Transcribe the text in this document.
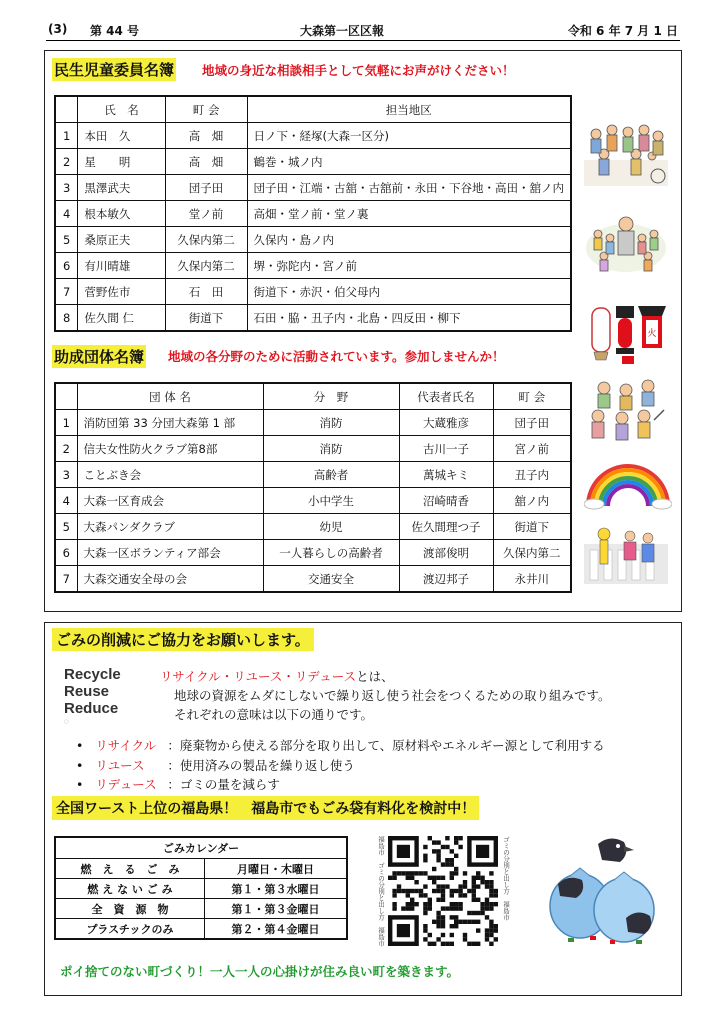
(3) 第 44 号	大森第一区区報	令和 6 年 7 月 1 日
民生児童委員名簿 地域の身近な相談相手として気軽にお声がけください！
	氏　名	町 会	担当地区
1	本田　久	高　畑	日ノ下・経塚(大森一区分)
2	星　　明	高　畑	鶴巻・城ノ内
3	黒澤武夫	団子田	団子田・江端・古舘・古舘前・永田・下谷地・高田・舘ノ内
4	根本敏久	堂ノ前	高畑・堂ノ前・堂ノ裏
5	桑原正夫	久保内第二	久保内・島ノ内
6	有川晴雄	久保内第二	堺・弥陀内・宮ノ前
7	菅野佐市	石　田	街道下・赤沢・伯父母内
8	佐久間 仁	街道下	石田・脇・丑子内・北島・四反田・柳下
助成団体名簿 地域の各分野のために活動されています。参加しませんか！
	団 体 名	分　野	代表者氏名	町 会
1	消防団第 33 分団大森第 1 部	消防	大蔵雅彦	団子田
2	信夫女性防火クラブ第8部	消防	古川一子	宮ノ前
3	ことぶき会	高齢者	萬城キミ	丑子内
4	大森一区育成会	小中学生	沼崎晴香	舘ノ内
5	大森パンダクラブ	幼児	佐久間理つ子	街道下
6	大森一区ボランティア部会	一人暮らしの高齢者	渡部俊明	久保内第二
7	大森交通安全母の会	交通安全	渡辺邦子	永井川
火
ごみの削減にご協力をお願いします。
Recycle
Reuse
Reduce
◌
リサイクル・リユース・リデュースとは、
地球の資源をムダにしないで繰り返し使う社会をつくるための取り組みです。
それぞれの意味は以下の通りです。
• リサイクル ：廃棄物から使える部分を取り出して、原材料やエネルギー源として利用する
• リユース ：使用済みの製品を繰り返し使う
• リデュース ：ゴミの量を減らす
全国ワースト上位の福島県！　福島市でもごみ袋有料化を検討中！
ごみカレンダー	
燃　え　る　ご　み	月曜日・木曜日
燃 え な い ご み	第１・第３水曜日
全　資　源　物	第１・第３金曜日
プラスチックのみ	第２・第４金曜日	福島市　ゴミの分別と出し方　福島市	ゴミの分別と出し方　福島市
ポイ捨てのない町づくり！一人一人の心掛けが住み良い町を築きます。
